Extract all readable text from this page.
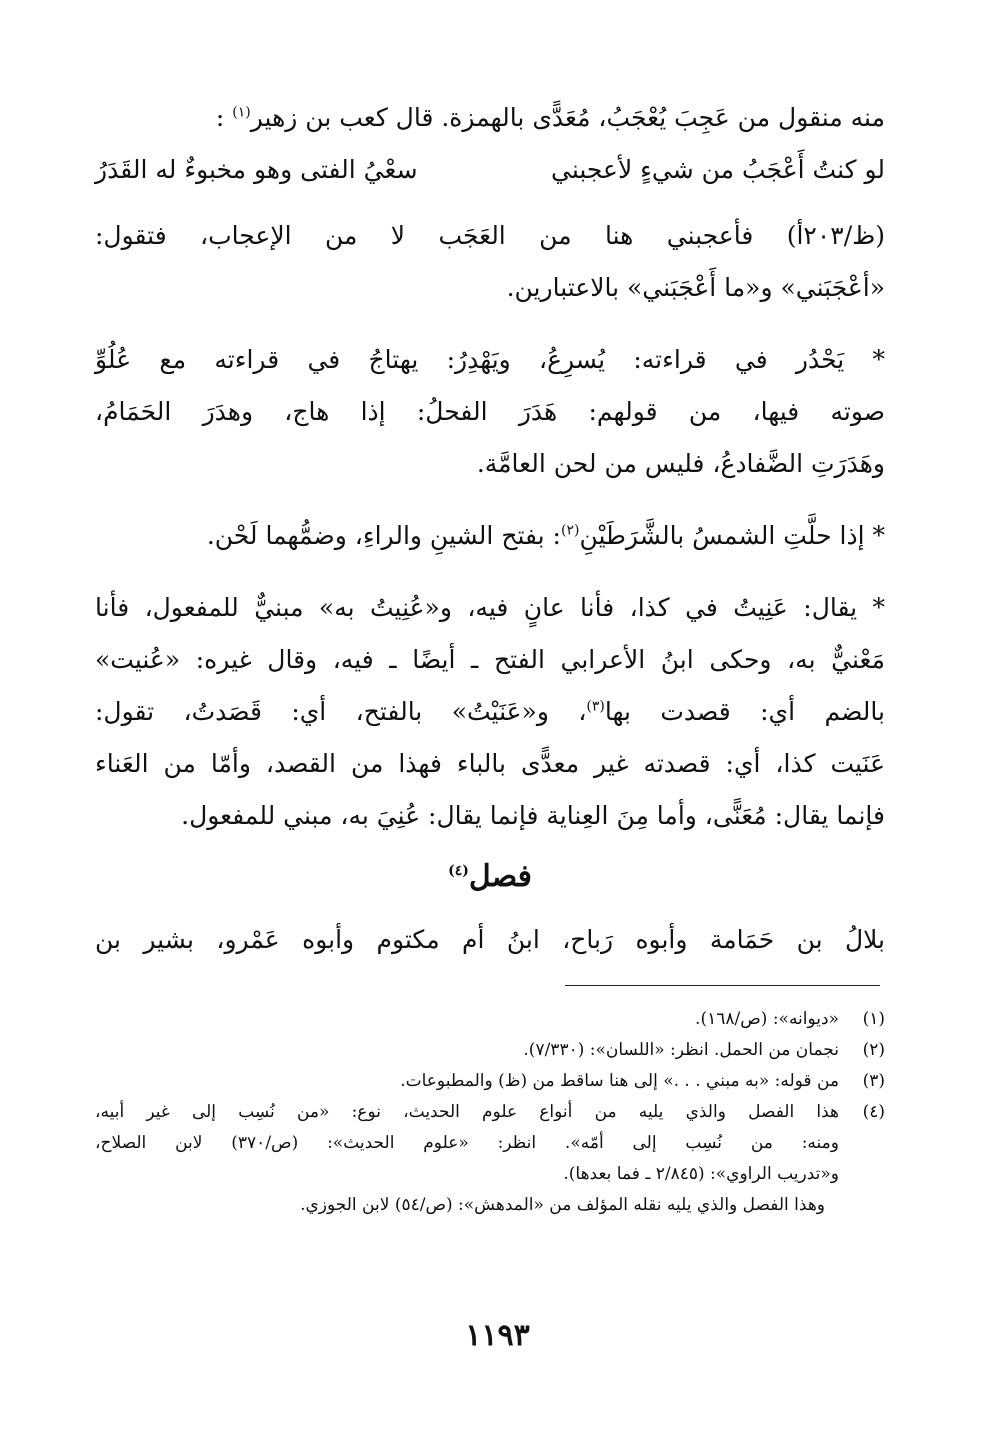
منه منقول من عَجِبَ يُعْجَبُ، مُعَدًّى بالهمزة. قال كعب بن زهير$^{(١)}$ :

لو كنتُ أَعْجَبُ من شيءٍ لأعجبني
سعْيُ الفتى وهو مخبوءٌ له القَدَرُ

(ظ/٢٠٣أ) فأعجبني هنا من العَجَب لا من الإعجاب، فتقول:
«أعْجَبَني» و«ما أَعْجَبَني» بالاعتبارين.

* يَحْدُر في قراءته: يُسرِعُ، ويَهْدِرُ: يهتاجُ في قراءته مع عُلُوِّ
صوته فيها، من قولهم: هَدَرَ الفحلُ: إذا هاج، وهدَرَ الحَمَامُ،
وهَدَرَتِ الضَّفادعُ، فليس من لحن العامَّة.

* إذا حلَّتِ الشمسُ بالشَّرَطَيْنِ$^{(٢)}$: بفتح الشينِ والراءِ، وضمُّهما لَحْن.

* يقال: عَنِيتُ في كذا، فأنا عانٍ فيه، و«عُنِيتُ به» مبنيٌّ للمفعول، فأنا
مَعْنيٌّ به، وحكى ابنُ الأعرابي الفتح ـ أيضًا ـ فيه، وقال غيره: «عُنيت»
بالضم أي: قصدت بها$^{(٣)}$، و«عَنَيْتُ» بالفتح، أي: قَصَدتُ، تقول:
عَنَيت كذا، أي: قصدته غير معدًّى بالباء فهذا من القصد، وأمّا من العَناء
فإنما يقال: مُعَنًّى، وأما مِنَ العِناية فإنما يقال: عُنِيَ به، مبني للمفعول.

فصل$^{(٤)}$

بلالُ بن حَمَامة وأبوه رَباح، ابنُ أم مكتوم وأبوه عَمْرو، بشير بن

(١)
«ديوانه»: (ص/١٦٨).
(٢)
نجمان من الحمل. انظر: «اللسان»: (٧/٣٣٠).
(٣)
من قوله: «به مبني . . .» إلى هنا ساقط من (ظ) والمطبوعات.
(٤)
هذا الفصل والذي يليه من أنواع علوم الحديث، نوع: «من نُسِب إلى غير أبيه،
ومنه: من نُسِب إلى أمّه». انظر: «علوم الحديث»: (ص/٣٧٠) لابن الصلاح،
و«تدريب الراوي»: (٢/٨٤٥ ـ فما بعدها).
وهذا الفصل والذي يليه نقله المؤلف من «المدهش»: (ص/٥٤) لابن الجوزي.
١١٩٣
